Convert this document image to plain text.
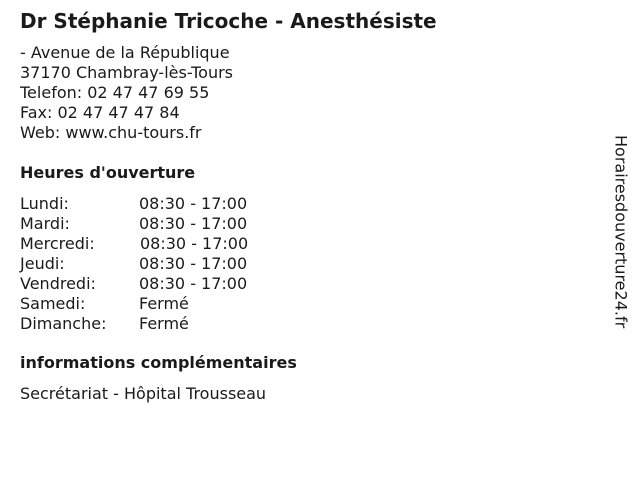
Dr Stéphanie Tricoche - Anesthésiste
- Avenue de la République
37170 Chambray-lès-Tours
Telefon: 02 47 47 69 55
Fax: 02 47 47 47 84
Web: www.chu-tours.fr
Heures d'ouverture
Lundi:	08:30 - 17:00
Mardi:	08:30 - 17:00
Mercredi:	08:30 - 17:00
Jeudi:	08:30 - 17:00
Vendredi:	08:30 - 17:00
Samedi:	Fermé
Dimanche: Fermé
informations complémentaires
Secrétariat - Hôpital Trousseau
Horairesdouverture24.fr
